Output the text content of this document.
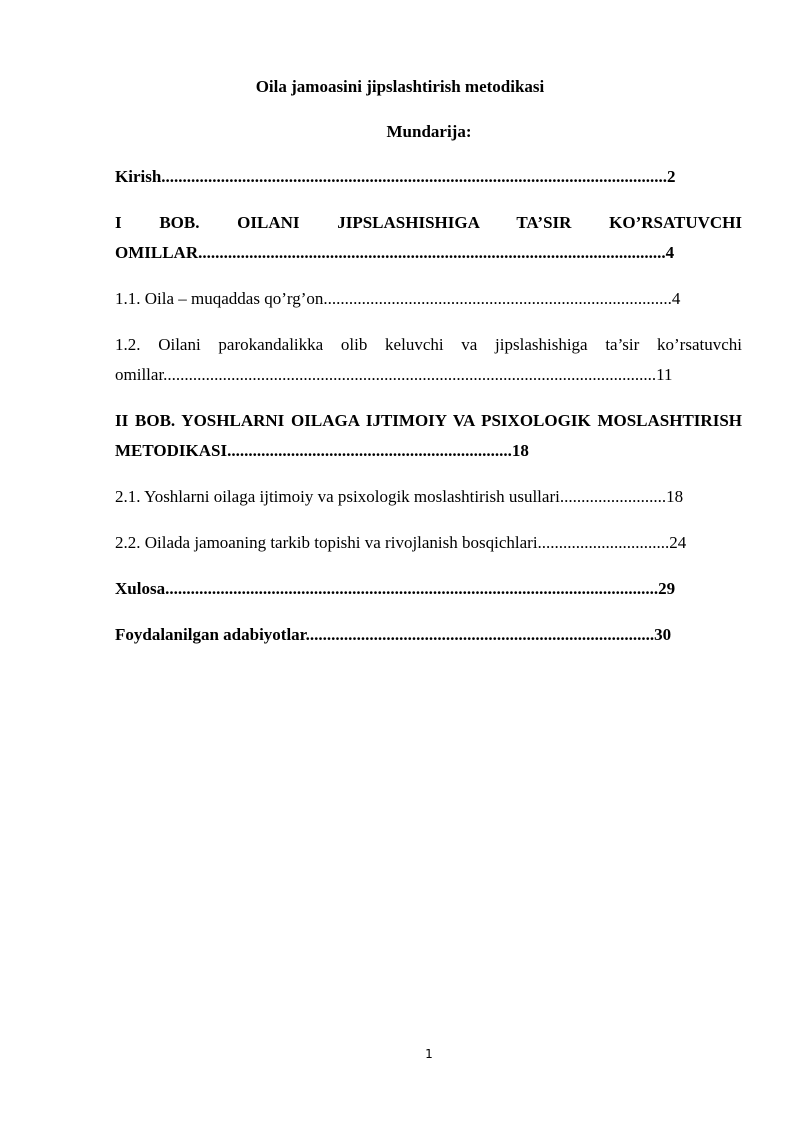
Oila jamoasini jipslashtirish metodikasi
Mundarija:

Kirish.......................................................................................................................2

I BOB. OILANI JIPSLASHISHIGA TA’SIR KO’RSATUVCHI OMILLAR..............................................................................................................4

1.1. Oila – muqaddas qo’rg’on..................................................................................4

1.2. Oilani parokandalikka olib keluvchi va jipslashishiga ta’sir ko’rsatuvchi omillar....................................................................................................................11

II BOB. YOSHLARNI OILAGA IJTIMOIY VA PSIXOLOGIK MOSLASHTIRISH METODIKASI...................................................................18

2.1. Yoshlarni oilaga ijtimoiy va psixologik moslashtirish usullari.........................18

2.2. Oilada jamoaning tarkib topishi va rivojlanish bosqichlari...............................24

Xulosa....................................................................................................................29

Foydalanilgan adabiyotlar..................................................................................30

1
